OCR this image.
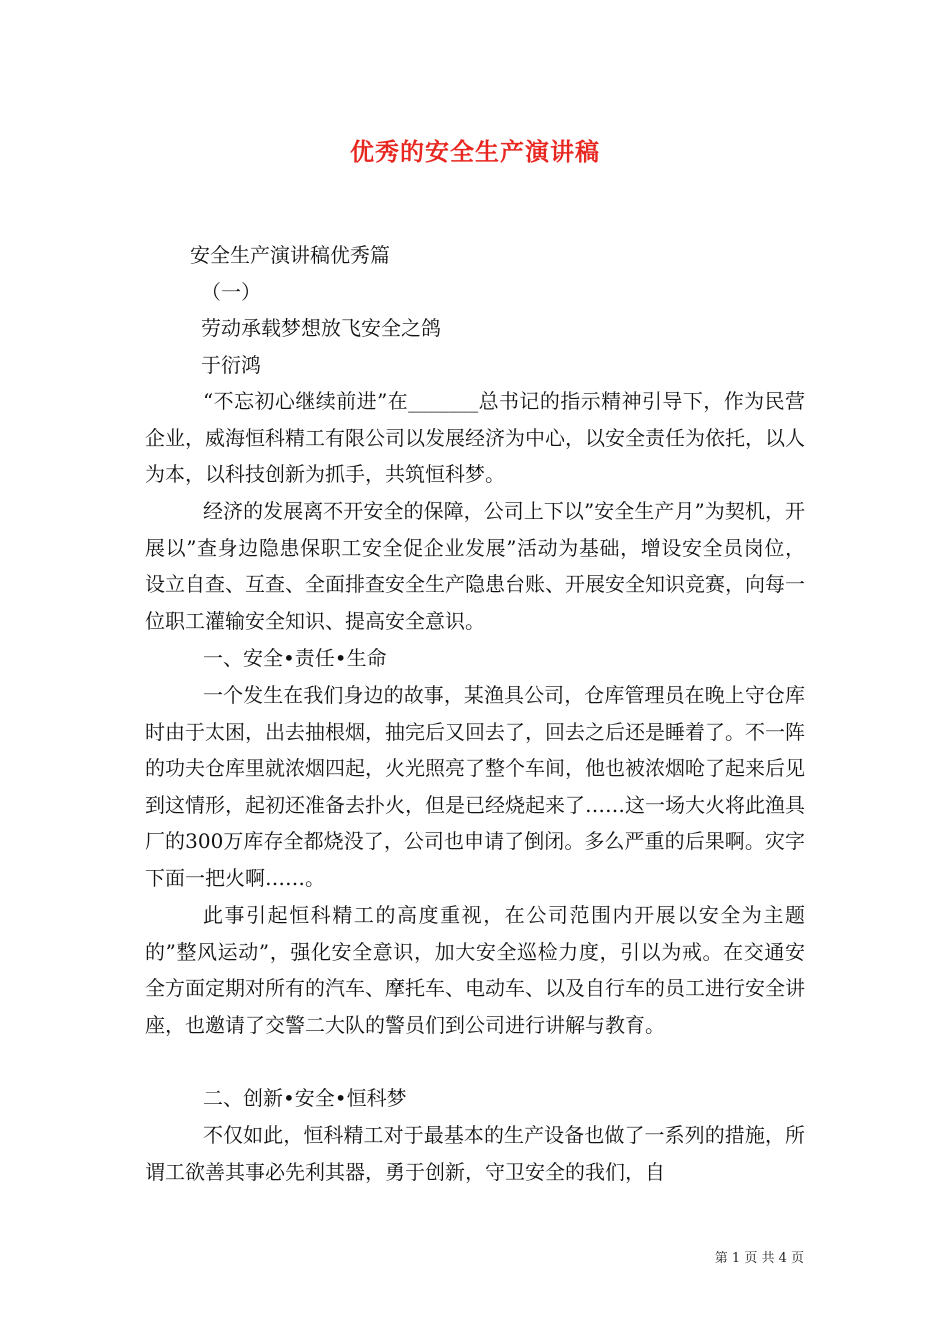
优秀的安全生产演讲稿
安全生产演讲稿优秀篇
（一）
劳动承载梦想放飞安全之鸽
于衍鸿
“不忘初心继续前进”在_______总书记的指示精神引导下，作为民营企业，威海恒科精工有限公司以发展经济为中心，以安全责任为依托，以人为本，以科技创新为抓手，共筑恒科梦。
经济的发展离不开安全的保障，公司上下以”安全生产月”为契机，开展以”查身边隐患保职工安全促企业发展”活动为基础，增设安全员岗位，设立自查、互查、全面排查安全生产隐患台账、开展安全知识竞赛，向每一位职工灌输安全知识、提高安全意识。
一、安全•责任•生命
一个发生在我们身边的故事，某渔具公司，仓库管理员在晚上守仓库时由于太困，出去抽根烟，抽完后又回去了，回去之后还是睡着了。不一阵的功夫仓库里就浓烟四起，火光照亮了整个车间，他也被浓烟呛了起来后见到这情形，起初还准备去扑火，但是已经烧起来了……这一场大火将此渔具厂的300万库存全都烧没了，公司也申请了倒闭。多么严重的后果啊。灾字下面一把火啊……。
此事引起恒科精工的高度重视，在公司范围内开展以安全为主题的”整风运动”，强化安全意识，加大安全巡检力度，引以为戒。在交通安全方面定期对所有的汽车、摩托车、电动车、以及自行车的员工进行安全讲座，也邀请了交警二大队的警员们到公司进行讲解与教育。
二、创新•安全•恒科梦
不仅如此，恒科精工对于最基本的生产设备也做了一系列的措施，所谓工欲善其事必先利其器，勇于创新，守卫安全的我们，自
第 1 页 共 4 页
